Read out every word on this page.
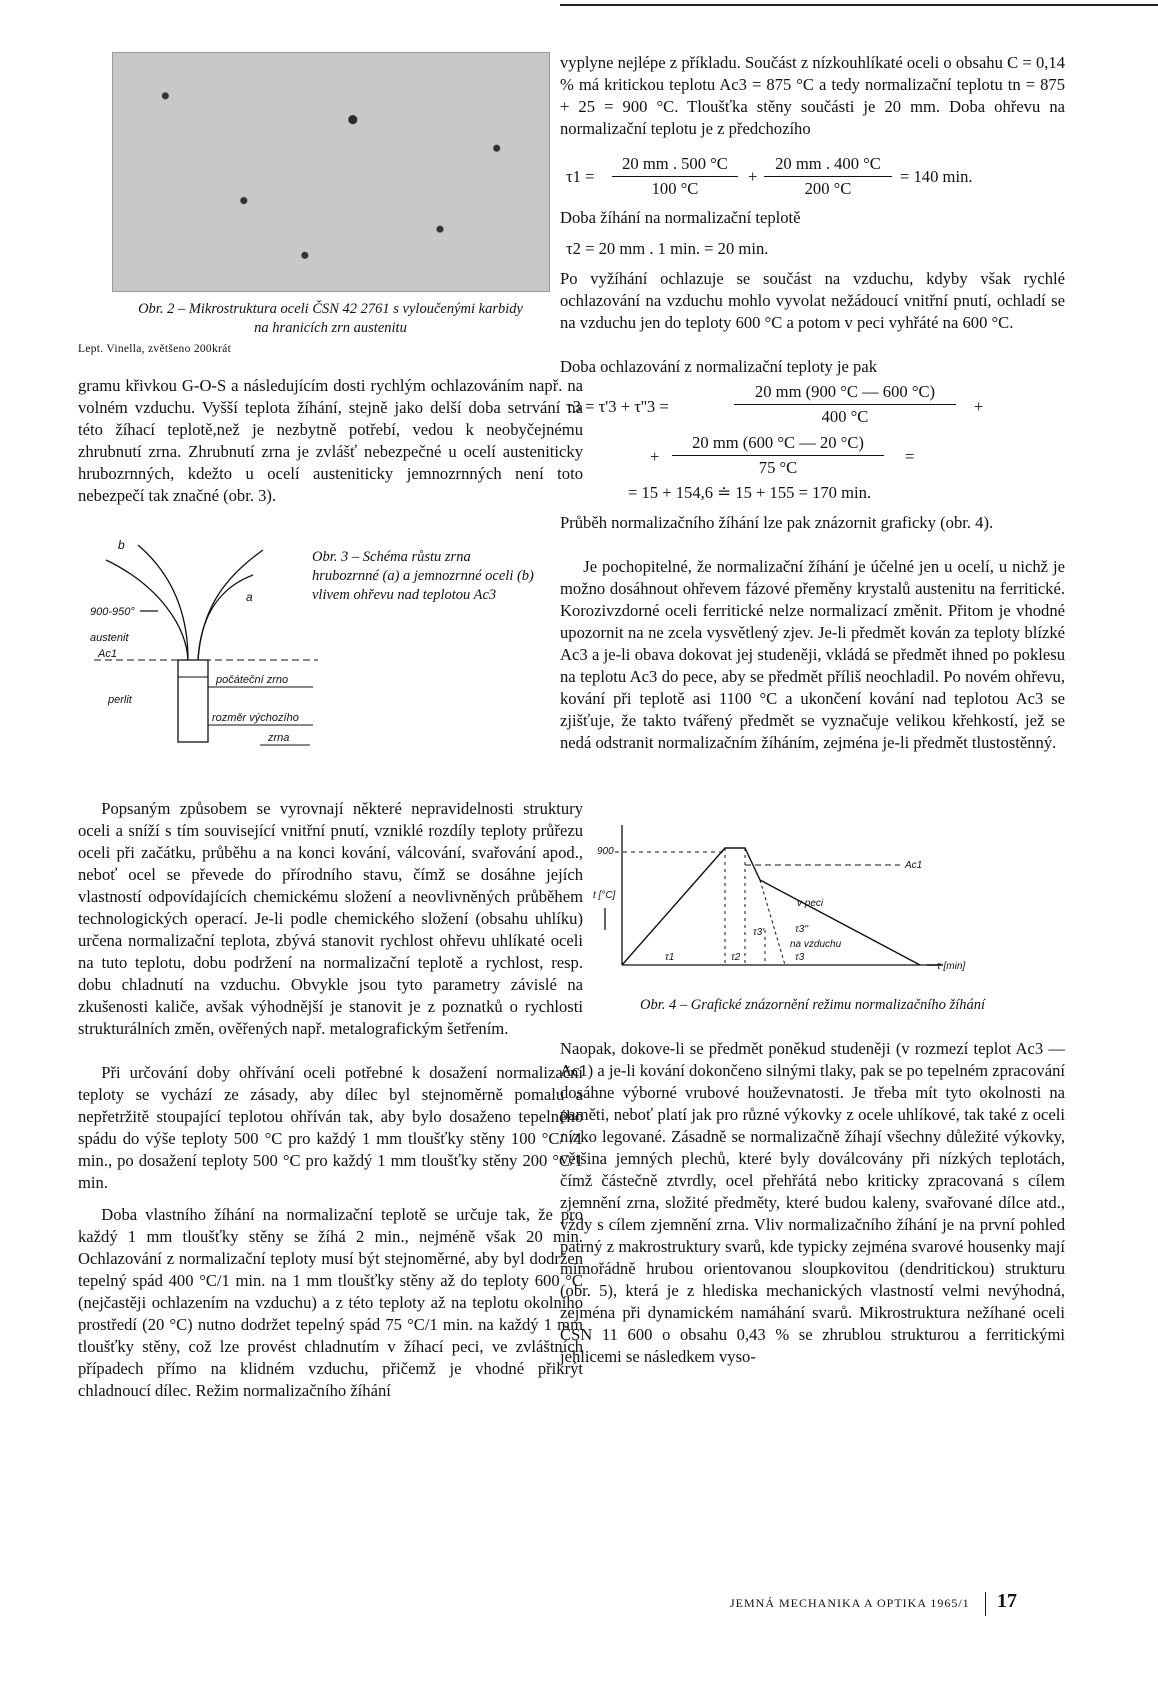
Obr. 2 – Mikrostruktura oceli ČSN 42 2761 s vyloučenými karbidy
na hranicích zrn austenitu
Lept. Vinella, zvětšeno 200krát

gramu křivkou G-O-S a následujícím dosti rychlým ochlazováním např. na volném vzduchu. Vyšší teplota žíhání, stejně jako delší doba setrvání na této žíhací teplotě,než je nezbytně potřebí, vedou k neobyčejnému zhrubnutí zrna. Zhrubnutí zrna je zvlášť nebezpečné u ocelí austeniticky hrubozrnných, kdežto u ocelí austeniticky jemnozrnných není toto nebezpečí tak značné (obr. 3).

b
a
900-950°
austenit
Ac1
perlit
počáteční zrno
rozměr výchozího
zrna
Obr. 3 – Schéma růstu zrna hrubozrnné (a) a jemnozrnné oceli (b) vlivem ohřevu nad teplotou Ac3

Popsaným způsobem se vyrovnají některé nepravidelnosti struktury oceli a sníží s tím související vnitřní pnutí, vzniklé rozdíly teploty průřezu oceli při začátku, průběhu a na konci kování, válcování, svařování apod., neboť ocel se převede do přírodního stavu, čímž se dosáhne jejích vlastností odpovídajících chemickému složení a neovlivněných průběhem technologických operací. Je-li podle chemického složení (obsahu uhlíku) určena normalizační teplota, zbývá stanovit rychlost ohřevu uhlíkaté oceli na tuto teplotu, dobu podržení na normalizační teplotě a rychlost, resp. dobu chladnutí na vzduchu. Obvykle jsou tyto parametry závislé na zkušenosti kaliče, avšak výhodnější je stanovit je z poznatků o rychlosti strukturálních změn, ověřených např. metalografickým šetřením.

Při určování doby ohřívání oceli potřebné k dosažení normalizační teploty se vychází ze zásady, aby dílec byl stejnoměrně pomalu a nepřetržitě stoupající teplotou ohříván tak, aby bylo dosaženo tepelného spádu do výše teploty 500 °C pro každý 1 mm tloušťky stěny 100 °C/ /1 min., po dosažení teploty 500 °C pro každý 1 mm tloušťky stěny 200 °C/1 min.

Doba vlastního žíhání na normalizační teplotě se určuje tak, že pro každý 1 mm tloušťky stěny se žíhá 2 min., nejméně však 20 min. Ochlazování z normalizační teploty musí být stejnoměrné, aby byl dodržen tepelný spád 400 °C/1 min. na 1 mm tloušťky stěny až do teploty 600 °C (nejčastěji ochlazením na vzduchu) a z této teploty až na teplotu okolního prostředí (20 °C) nutno dodržet tepelný spád 75 °C/1 min. na každý 1 mm tloušťky stěny, což lze provést chladnutím v žíhací peci, ve zvláštních případech přímo na klidném vzduchu, přičemž je vhodné přikrýt chladnoucí dílec. Režim normalizačního žíhání

vyplyne nejlépe z příkladu. Součást z nízkouhlíkaté oceli o obsahu C = 0,14 % má kritickou teplotu Ac3 = 875 °C a tedy normalizační teplotu tn = 875 + 25 = 900 °C. Tloušťka stěny součásti je 20 mm. Doba ohřevu na normalizační teplotu je z předchozího

τ1 =
20 mm . 500 °C
100 °C
+
20 mm . 400 °C
200 °C
= 140 min.

Doba žíhání na normalizační teplotě

τ2 = 20 mm . 1 min. = 20 min.

Po vyžíhání ochlazuje se součást na vzduchu, kdyby však rychlé ochlazování na vzduchu mohlo vyvolat nežádoucí vnitřní pnutí, ochladí se na vzduchu jen do teploty 600 °C a potom v peci vyhřáté na 600 °C.

Doba ochlazování z normalizační teploty je pak

τ3 = τ'3 + τ''3 =
20 mm (900 °C — 600 °C)
400 °C
+
+
20 mm (600 °C — 20 °C)
75 °C
=
= 15 + 154,6 ≐ 15 + 155 = 170 min.

Průběh normalizačního žíhání lze pak znázornit graficky (obr. 4).

Je pochopitelné, že normalizační žíhání je účelné jen u ocelí, u nichž je možno dosáhnout ohřevem fázové přeměny krystalů austenitu na ferritické. Korozivzdorné oceli ferritické nelze normalizací změnit. Přitom je vhodné upozornit na ne zcela vysvětlený zjev. Je-li předmět kován za teploty blízké Ac3 a je-li obava dokovat jej studeněji, vkládá se předmět ihned po poklesu na teplotu Ac3 do pece, aby se předmět příliš neochladil. Po novém ohřevu, kování při teplotě asi 1100 °C a ukončení kování nad teplotou Ac3 se zjišťuje, že takto tvářený předmět se vyznačuje velikou křehkostí, jež se nedá odstranit normalizačním žíháním, zejména je-li předmět tlustostěnný.

900
t [°C]
Ac1
v peci
τ3'	τ3''
na vzduchu
τ1	τ2	τ3
τ [min]
Obr. 4 – Grafické znázornění režimu normalizačního žíhání

Naopak, dokove-li se předmět poněkud studeněji (v rozmezí teplot Ac3 — Ac1) a je-li kování dokončeno silnými tlaky, pak se po tepelném zpracování dosáhne výborné vrubové houževnatosti. Je třeba mít tyto okolnosti na paměti, neboť platí jak pro různé výkovky z ocele uhlíkové, tak také z oceli nízko legované. Zásadně se normalizačně žíhají všechny důležité výkovky, většina jemných plechů, které byly doválcovány při nízkých teplotách, čímž částečně ztvrdly, ocel přehřátá nebo kriticky zpracovaná s cílem zjemnění zrna, složité předměty, které budou kaleny, svařované dílce atd., vždy s cílem zjemnění zrna. Vliv normalizačního žíhání je na první pohled patrný z makrostruktury svarů, kde typicky zejména svarové housenky mají mimořádně hrubou orientovanou sloupkovitou (dendritickou) strukturu (obr. 5), která je z hlediska mechanických vlastností velmi nevýhodná, zejména při dynamickém namáhání svarů. Mikrostruktura nežíhané oceli ČSN 11 600 o obsahu 0,43 % se zhrublou strukturou a ferritickými jehlicemi se následkem vyso-

JEMNÁ MECHANIKA A OPTIKA 1965/1 17
